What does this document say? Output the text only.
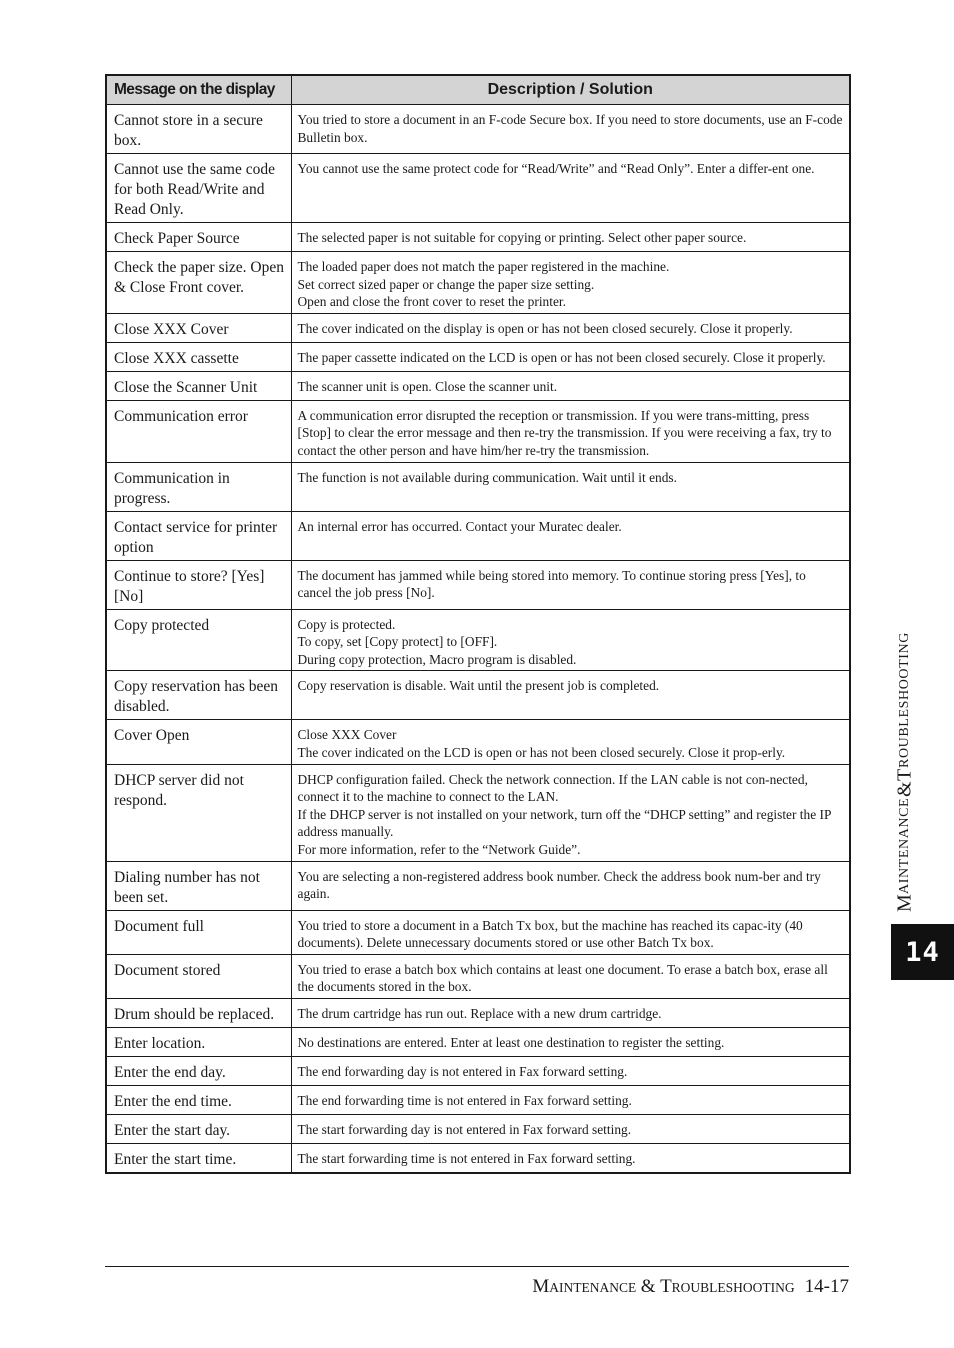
Message on the display	Description / Solution
Cannot store in a secure box.	You tried to store a document in an F-code Secure box. If you need to store documents, use an F-code Bulletin box.
Cannot use the same code for both Read/Write and Read Only.	You cannot use the same protect code for “Read/Write” and “Read Only”. Enter a differ-ent one.
Check Paper Source	The selected paper is not suitable for copying or printing. Select other paper source.
Check the paper size. Open & Close Front cover.	The loaded paper does not match the paper registered in the machine.
Set correct sized paper or change the paper size setting.
Open and close the front cover to reset the printer.
Close XXX Cover	The cover indicated on the display is open or has not been closed securely. Close it properly.
Close XXX cassette	The paper cassette indicated on the LCD is open or has not been closed securely. Close it properly.
Close the Scanner Unit	The scanner unit is open. Close the scanner unit.
Communication error	A communication error disrupted the reception or transmission. If you were trans-mitting, press [Stop] to clear the error message and then re-try the transmission. If you were receiving a fax, try to contact the other person and have him/her re-try the transmission.
Communication in progress.	The function is not available during communication. Wait until it ends.
Contact service for printer option	An internal error has occurred. Contact your Muratec dealer.
Continue to store? [Yes] [No]	The document has jammed while being stored into memory. To continue storing press [Yes], to cancel the job press [No].
Copy protected	Copy is protected.
To copy, set [Copy protect] to [OFF].
During copy protection, Macro program is disabled.
Copy reservation has been disabled.	Copy reservation is disable. Wait until the present job is completed.
Cover Open	Close XXX Cover
The cover indicated on the LCD is open or has not been closed securely. Close it prop-erly.
DHCP server did not respond.	DHCP configuration failed. Check the network connection. If the LAN cable is not con-nected, connect it to the machine to connect to the LAN.
If the DHCP server is not installed on your network, turn off the “DHCP setting” and register the IP address manually.
For more information, refer to the “Network Guide”.
Dialing number has not been set.	You are selecting a non-registered address book number. Check the address book num-ber and try again.
Document full	You tried to store a document in a Batch Tx box, but the machine has reached its capac-ity (40 documents). Delete unnecessary documents stored or use other Batch Tx box.
Document stored	You tried to erase a batch box which contains at least one document. To erase a batch box, erase all the documents stored in the box.
Drum should be replaced.	The drum cartridge has run out. Replace with a new drum cartridge.
Enter location.	No destinations are entered. Enter at least one destination to register the setting.
Enter the end day.	The end forwarding day is not entered in Fax forward setting.
Enter the end time.	The end forwarding time is not entered in Fax forward setting.
Enter the start day.	The start forwarding day is not entered in Fax forward setting.
Enter the start time.	The start forwarding time is not entered in Fax forward setting.
M
AINTENANCE
&
T
ROUBLESHOOTING
14
MAINTENANCE & TROUBLESHOOTING 14-17
